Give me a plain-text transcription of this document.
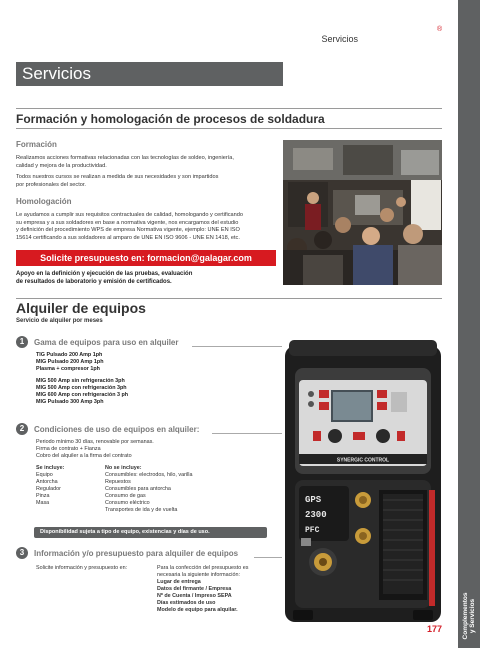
Servicios
®
Complementos y Servicios
Servicios
Formación y homologación de procesos de soldadura
Formación
Realizamos acciones formativas relacionadas con las tecnologías de soldeo, ingeniería,
calidad y mejora de la productividad.
Todos nuestros cursos se realizan a medida de sus necesidades y son impartidos
por profesionales del sector.
Homologación
Le ayudamos a cumplir sus requisitos contractuales de calidad, homologando y certificando
su empresa y a sus soldadores en base a normativa vigente, nos encargamos del estudio
y definición del procedimiento WPS de empresa Normativa vigente, ejemplo: UNE EN ISO
15614 certificando a sus soldadores al amparo de UNE EN ISO 9606 - UNE EN 1418, etc.
Solicite presupuesto en: formacion@galagar.com
Apoyo en la definición y ejecución de las pruebas, evaluación
de resultados de laboratorio y emisión de certificados.
Alquiler de equipos
Servicio de alquiler por meses
1	Gama de equipos para uso en alquiler
TIG Pulsado 200 Amp 1ph
MIG Pulsado 200 Amp 1ph
Plasma + compresor 1ph
MIG 500 Amp sin refrigeración 3ph
MIG 500 Amp con refrigeración 3ph
MIG 600 Amp con refrigeración 3 ph
MIG Pulsado 300 Amp 3ph
2	Condiciones de uso de equipos en alquiler:
Periodo mínimo 30 días, renovable por semanas.
Firma de contrato + Fianza
Cobro del alquiler a la firma del contrato
Se incluye:
Equipo
Antorcha
Regulador
Pinza
Masa
No se incluye:
Consumibles: electrodos, hilo, varilla
Repuestos
Consumibles para antorcha
Consumo de gas
Consumo eléctrico
Transportes de ida y de vuelta
Disponibilidad sujeta a tipo de equipo, existencias y días de uso.
3	Información y/o presupuesto para alquiler de equipos
Solicite información y presupuesto en:	Para la confección del presupuesto es
necesaria la siguiente información:
Lugar de entrega
Datos del firmante / Empresa
Nº de Cuenta / Impreso SEPA
Días estimados de uso
Modelo de equipo para alquilar.
SYNERGIC CONTROL
GPS
2300
PFC
177
